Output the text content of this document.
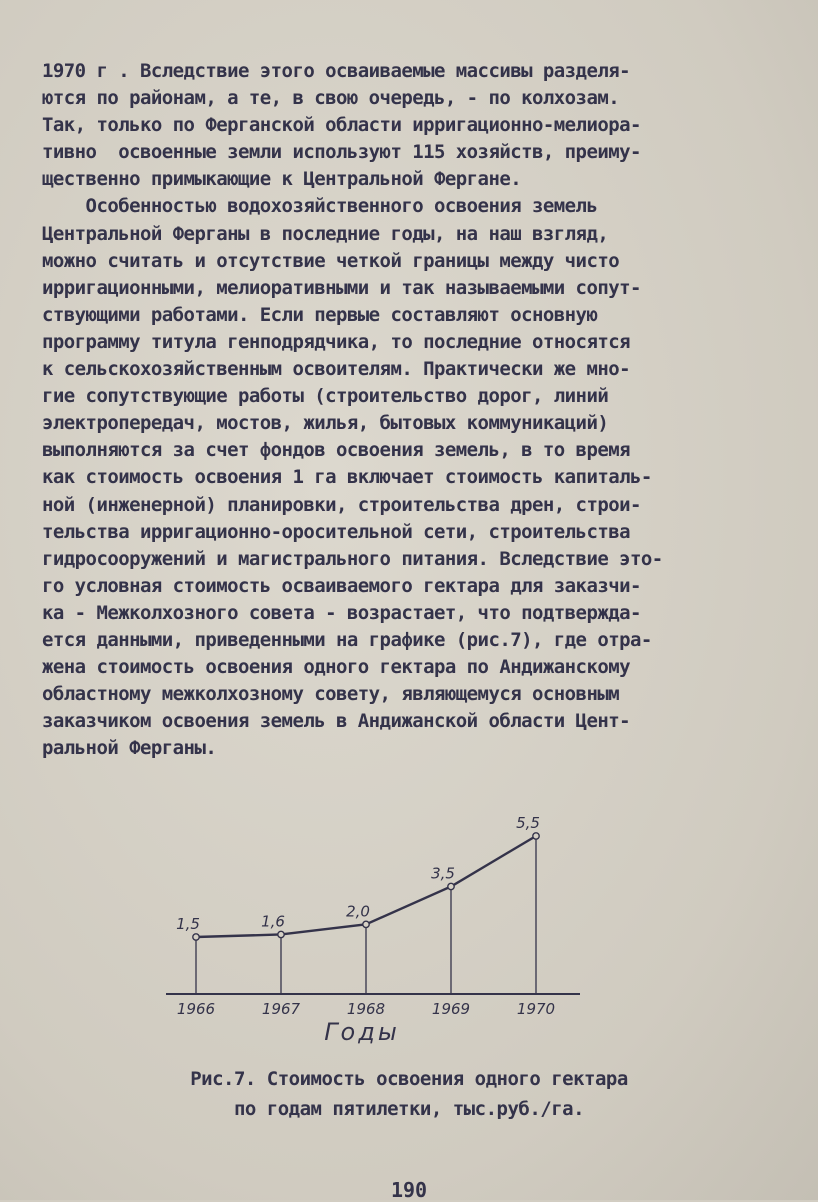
1970 г . Вследствие этого осваиваемые массивы разделя-
ются по районам, а те, в свою очередь, - по колхозам.
Так, только по Ферганской области ирригационно-мелиора-
тивно  освоенные земли используют 115 хозяйств, преиму-
щественно примыкающие к Центральной Фергане.
Особенностью водохозяйственного освоения земель
Центральной Ферганы в последние годы, на наш взгляд,
можно считать и отсутствие четкой границы между чисто
ирригационными, мелиоративными и так называемыми сопут-
ствующими работами. Если первые составляют основную
программу титула генподрядчика, то последние относятся
к сельскохозяйственным освоителям. Практически же мно-
гие сопутствующие работы (строительство дорог, линий
электропередач, мостов, жилья, бытовых коммуникаций)
выполняются за счет фондов освоения земель, в то время
как стоимость освоения 1 га включает стоимость капиталь-
ной (инженерной) планировки, строительства дрен, строи-
тельства ирригационно-оросительной сети, строительства
гидросооружений и магистрального питания. Вследствие это-
го условная стоимость осваиваемого гектара для заказчи-
ка - Межколхозного совета - возрастает, что подтвержда-
ется данными, приведенными на графике (рис.7), где отра-
жена стоимость освоения одного гектара по Андижанскому
областному межколхозному совету, являющемуся основным
заказчиком освоения земель в Андижанской области Цент-
ральной Ферганы.
1,5	1,6
2,0
3,5
5,5
1966	1967	1968	1969	1970
Годы
Рис.7. Стоимость освоения одного гектара
по годам пятилетки, тыс.руб./га.
190
